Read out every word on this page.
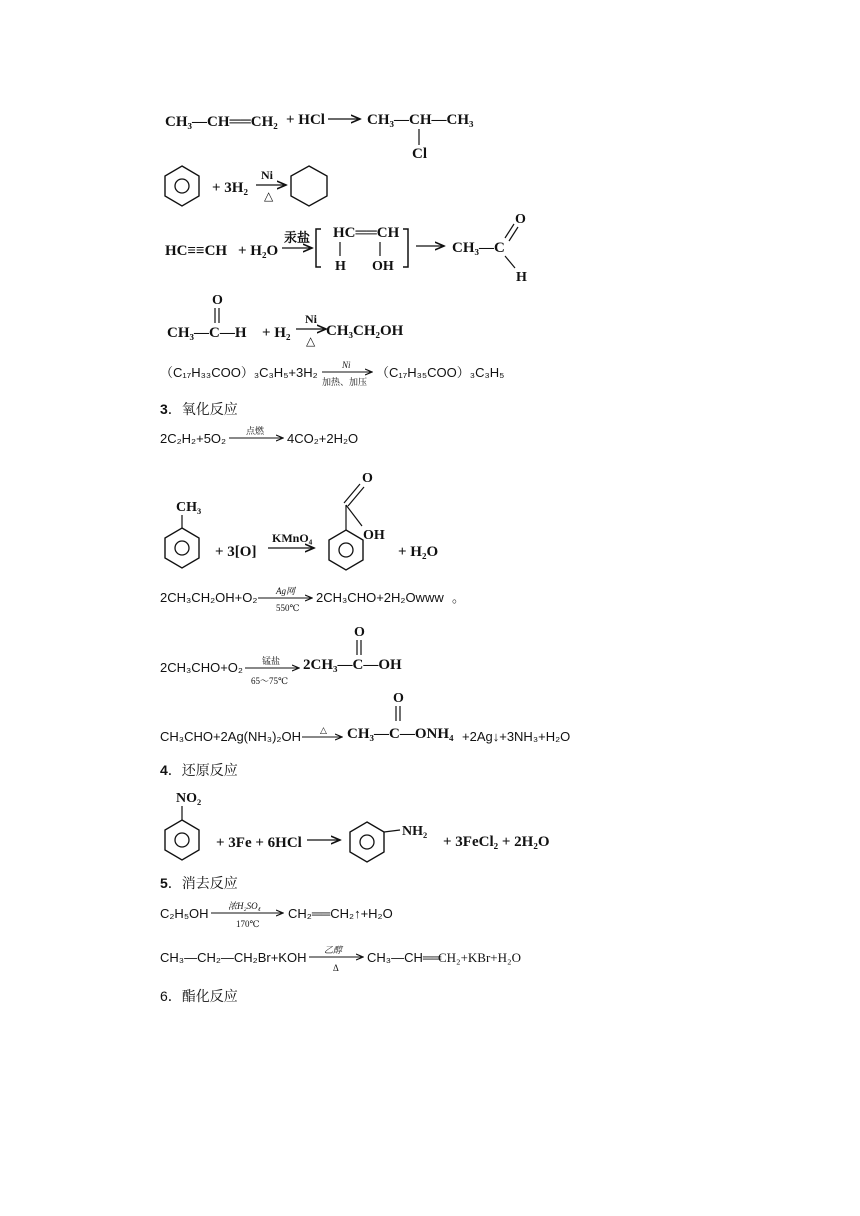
CH₃—CH══CH₂ + HCl	CH₃—CH—CH₃
Cl
+ 3H₂
Ni
△
HC≡≡CH + H₂O
汞盐 HC══CH
H OH
CH₃—C
O
H
O
CH₃—C—H + H₂
Ni
△
CH₃CH₂OH
（C₁₇H₃₃COO）₃C₃H₅+3H₂	Ni
加热、加压
（C₁₇H₃₅COO）₃C₃H₅
2C₂H₂+5O₂ 点燃 4CO₂+2H₂O
CH₃
+ 3[O]
KMnO₄
O
OH
+ H₂O
2CH₃CH₂OH+O₂ Ag网
550℃
2CH₃CHO+2H₂Owww 。
2CH₃CHO+O₂ 锰盐
65～75℃
O
2CH₃—C—OH
CH₃CHO+2Ag(NH₃)₂OH △
O
CH₃—C—ONH₄ +2Ag↓+3NH₃+H₂O
NO₂
+ 3Fe + 6HCl
NH₂
+ 3FeCl₂ + 2H₂O
C₂H₅OH 浓H₂SO₄
170℃
CH₂══CH₂↑+H₂O
CH₃—CH₂—CH₂Br+KOH 乙醇
Δ
CH₃—CH══
CH₂+KBr+H₂O
3．氧化反应
4．还原反应
5．消去反应
6．酯化反应
